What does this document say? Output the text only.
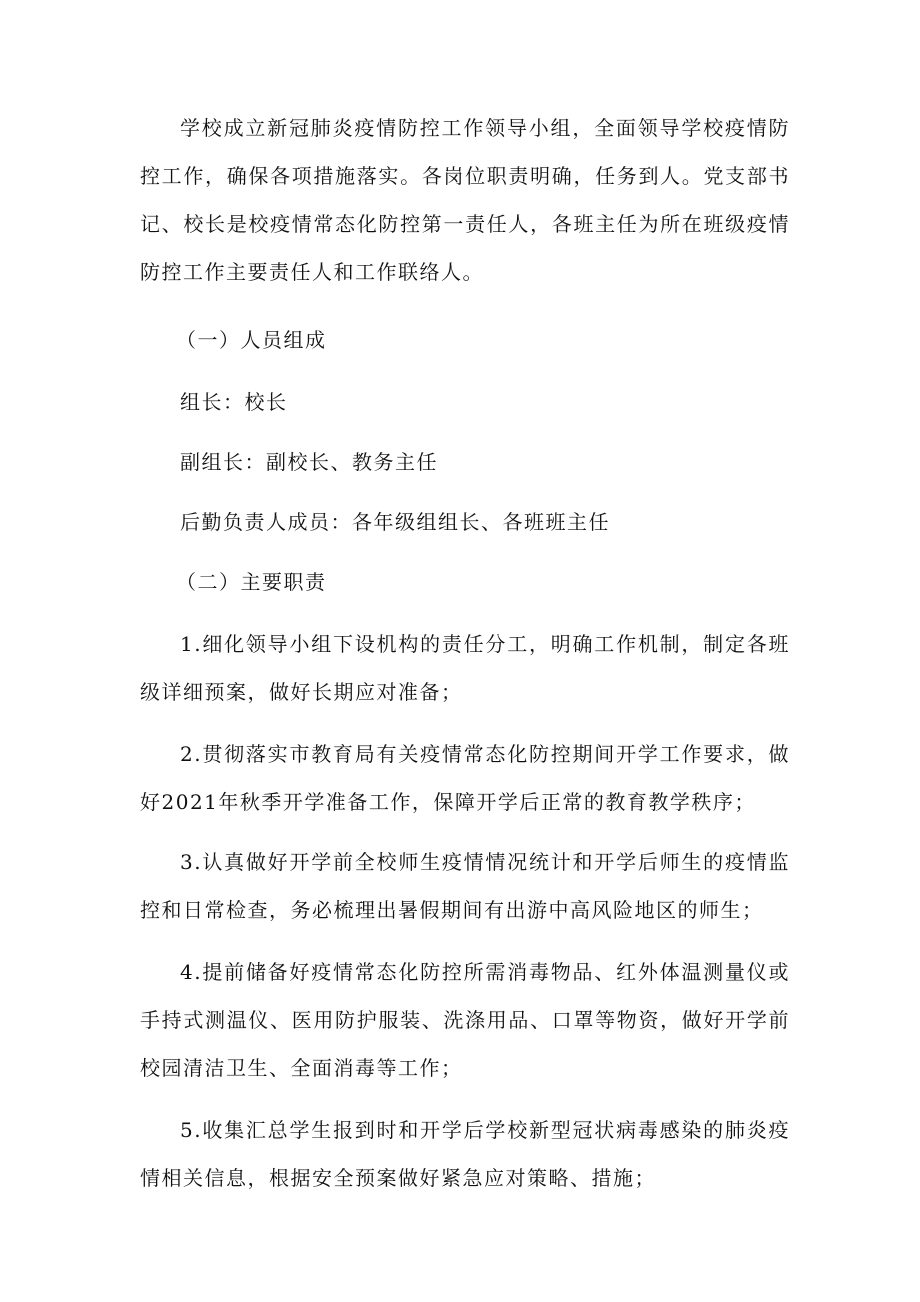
学校成立新冠肺炎疫情防控工作领导小组，全面领导学校疫情防控工作，确保各项措施落实。各岗位职责明确，任务到人。党支部书记、校长是校疫情常态化防控第一责任人，各班主任为所在班级疫情防控工作主要责任人和工作联络人。

（一）人员组成

组长：校长

副组长：副校长、教务主任

后勤负责人成员：各年级组组长、各班班主任

（二）主要职责

1.细化领导小组下设机构的责任分工，明确工作机制，制定各班级详细预案，做好长期应对准备；

2.贯彻落实市教育局有关疫情常态化防控期间开学工作要求，做好2021年秋季开学准备工作，保障开学后正常的教育教学秩序；

3.认真做好开学前全校师生疫情情况统计和开学后师生的疫情监控和日常检查，务必梳理出暑假期间有出游中高风险地区的师生；

4.提前储备好疫情常态化防控所需消毒物品、红外体温测量仪或手持式测温仪、医用防护服装、洗涤用品、口罩等物资，做好开学前校园清洁卫生、全面消毒等工作；

5.收集汇总学生报到时和开学后学校新型冠状病毒感染的肺炎疫情相关信息，根据安全预案做好紧急应对策略、措施；
